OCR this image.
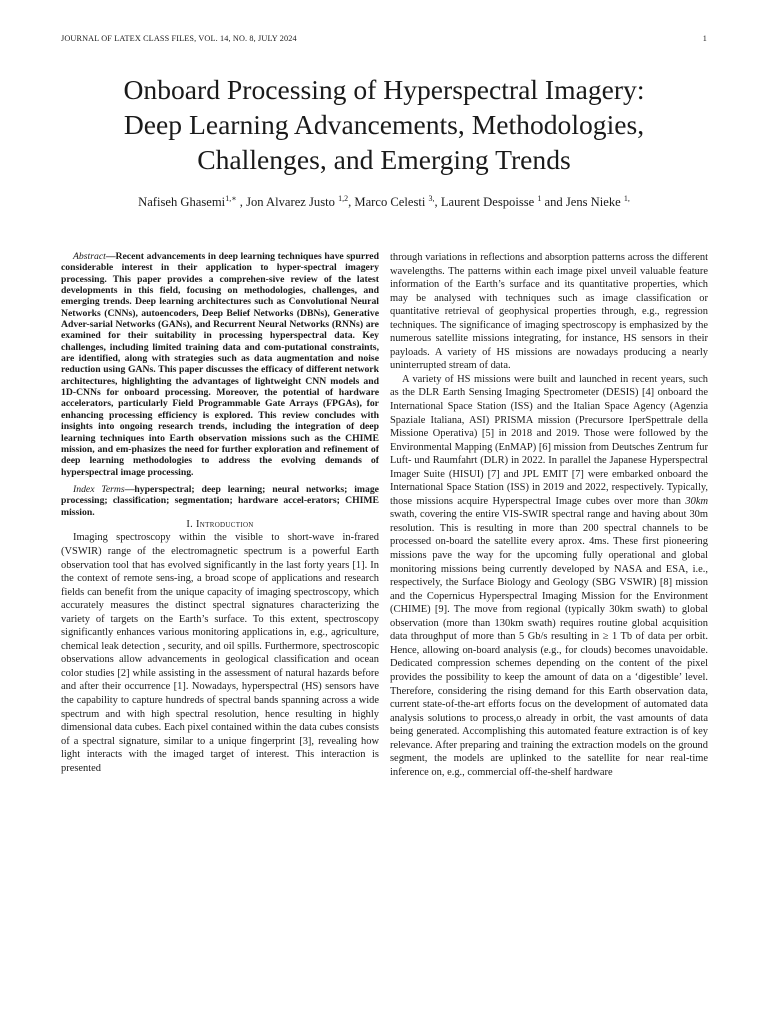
JOURNAL OF LATEX CLASS FILES, VOL. 14, NO. 8, JULY 2024	1
Onboard Processing of Hyperspectral Imagery:
Deep Learning Advancements, Methodologies,
Challenges, and Emerging Trends
Nafiseh Ghasemi$^{1,∗}$ , Jon Alvarez Justo $^{1,2}$, Marco Celesti $^{3,}$, Laurent Despoisse $^1$ and Jens Nieke $^{1,}$

Abstract—Recent advancements in deep learning techniques have spurred considerable interest in their application to hyper-spectral imagery processing. This paper provides a comprehen-sive review of the latest developments in this field, focusing on methodologies, challenges, and emerging trends. Deep learning architectures such as Convolutional Neural Networks (CNNs), autoencoders, Deep Belief Networks (DBNs), Generative Adver-sarial Networks (GANs), and Recurrent Neural Networks (RNNs) are examined for their suitability in processing hyperspectral data. Key challenges, including limited training data and com-putational constraints, are identified, along with strategies such as data augmentation and noise reduction using GANs. This paper discusses the efficacy of different network architectures, highlighting the advantages of lightweight CNN models and 1D-CNNs for onboard processing. Moreover, the potential of hardware accelerators, particularly Field Programmable Gate Arrays (FPGAs), for enhancing processing efficiency is explored. This review concludes with insights into ongoing research trends, including the integration of deep learning techniques into Earth observation missions such as the CHIME mission, and em-phasizes the need for further exploration and refinement of deep learning methodologies to address the evolving demands of hyperspectral image processing.

Index Terms—hyperspectral; deep learning; neural networks; image processing; classification; segmentation; hardware accel-erators; CHIME mission.

I. Introduction

Imaging spectroscopy within the visible to short-wave in-frared (VSWIR) range of the electromagnetic spectrum is a powerful Earth observation tool that has evolved significantly in the last forty years [1]. In the context of remote sens-ing, a broad scope of applications and research fields can benefit from the unique capacity of imaging spectroscopy, which accurately measures the distinct spectral signatures characterizing the variety of targets on the Earth’s surface. To this extent, spectroscopy significantly enhances various monitoring applications in, e.g., agriculture, chemical leak detection , security, and oil spills. Furthermore, spectroscopic observations allow advancements in geological classification and ocean color studies [2] while assisting in the assessment of natural hazards before and after their occurrence [1]. Nowadays, hyperspectral (HS) sensors have the capability to capture hundreds of spectral bands spanning across a wide spectrum and with high spectral resolution, hence resulting in highly dimensional data cubes. Each pixel contained within the data cubes consists of a spectral signature, similar to a unique fingerprint [3], revealing how light interacts with the imaged target of interest. This interaction is presented

through variations in reflections and absorption patterns across the different wavelengths. The patterns within each image pixel unveil valuable feature information of the Earth’s surface and its quantitative properties, which may be analysed with techniques such as image classification or quantitative retrieval of geophysical properties through, e.g., regression techniques. The significance of imaging spectroscopy is emphasized by the numerous satellite missions integrating, for instance, HS sensors in their payloads. A variety of HS missions are nowadays producing a nearly uninterrupted stream of data.

A variety of HS missions were built and launched in recent years, such as the DLR Earth Sensing Imaging Spectrometer (DESIS) [4] onboard the International Space Station (ISS) and the Italian Space Agency (Agenzia Spaziale Italiana, ASI) PRISMA mission (Precursore IperSpettrale della Missione Operativa) [5] in 2018 and 2019. Those were followed by the Environmental Mapping (EnMAP) [6] mission from Deutsches Zentrum fur Luft- und Raumfahrt (DLR) in 2022. In parallel the Japanese Hyperspectral Imager Suite (HISUI) [7] and JPL EMIT [7] were embarked onboard the International Space Station (ISS) in 2019 and 2022, respectively. Typically, those missions acquire Hyperspectral Image cubes over more than 30km swath, covering the entire VIS-SWIR spectral range and having about 30m resolution. This is resulting in more than 200 spectral channels to be processed on-board the satellite every aprox. 4ms. These first pioneering missions pave the way for the upcoming fully operational and global monitoring missions being currently developed by NASA and ESA, i.e., respectively, the Surface Biology and Geology (SBG VSWIR) [8] mission and the Copernicus Hyperspectral Imaging Mission for the Environment (CHIME) [9]. The move from regional (typically 30km swath) to global observation (more than 130km swath) requires routine global acquisition data throughput of more than 5 Gb/s resulting in ≥ 1 Tb of data per orbit. Hence, allowing on-board analysis (e.g., for clouds) becomes unavoidable. Dedicated compression schemes depending on the content of the pixel provides the possibility to keep the amount of data on a ‘digestible’ level. Therefore, considering the rising demand for this Earth observation data, current state-of-the-art efforts focus on the development of automated data analysis solutions to process,o already in orbit, the vast amounts of data being generated. Accomplishing this automated feature extraction is of key relevance. After preparing and training the extraction models on the ground segment, the models are uplinked to the satellite for near real-time inference on, e.g., commercial off-the-shelf hardware
